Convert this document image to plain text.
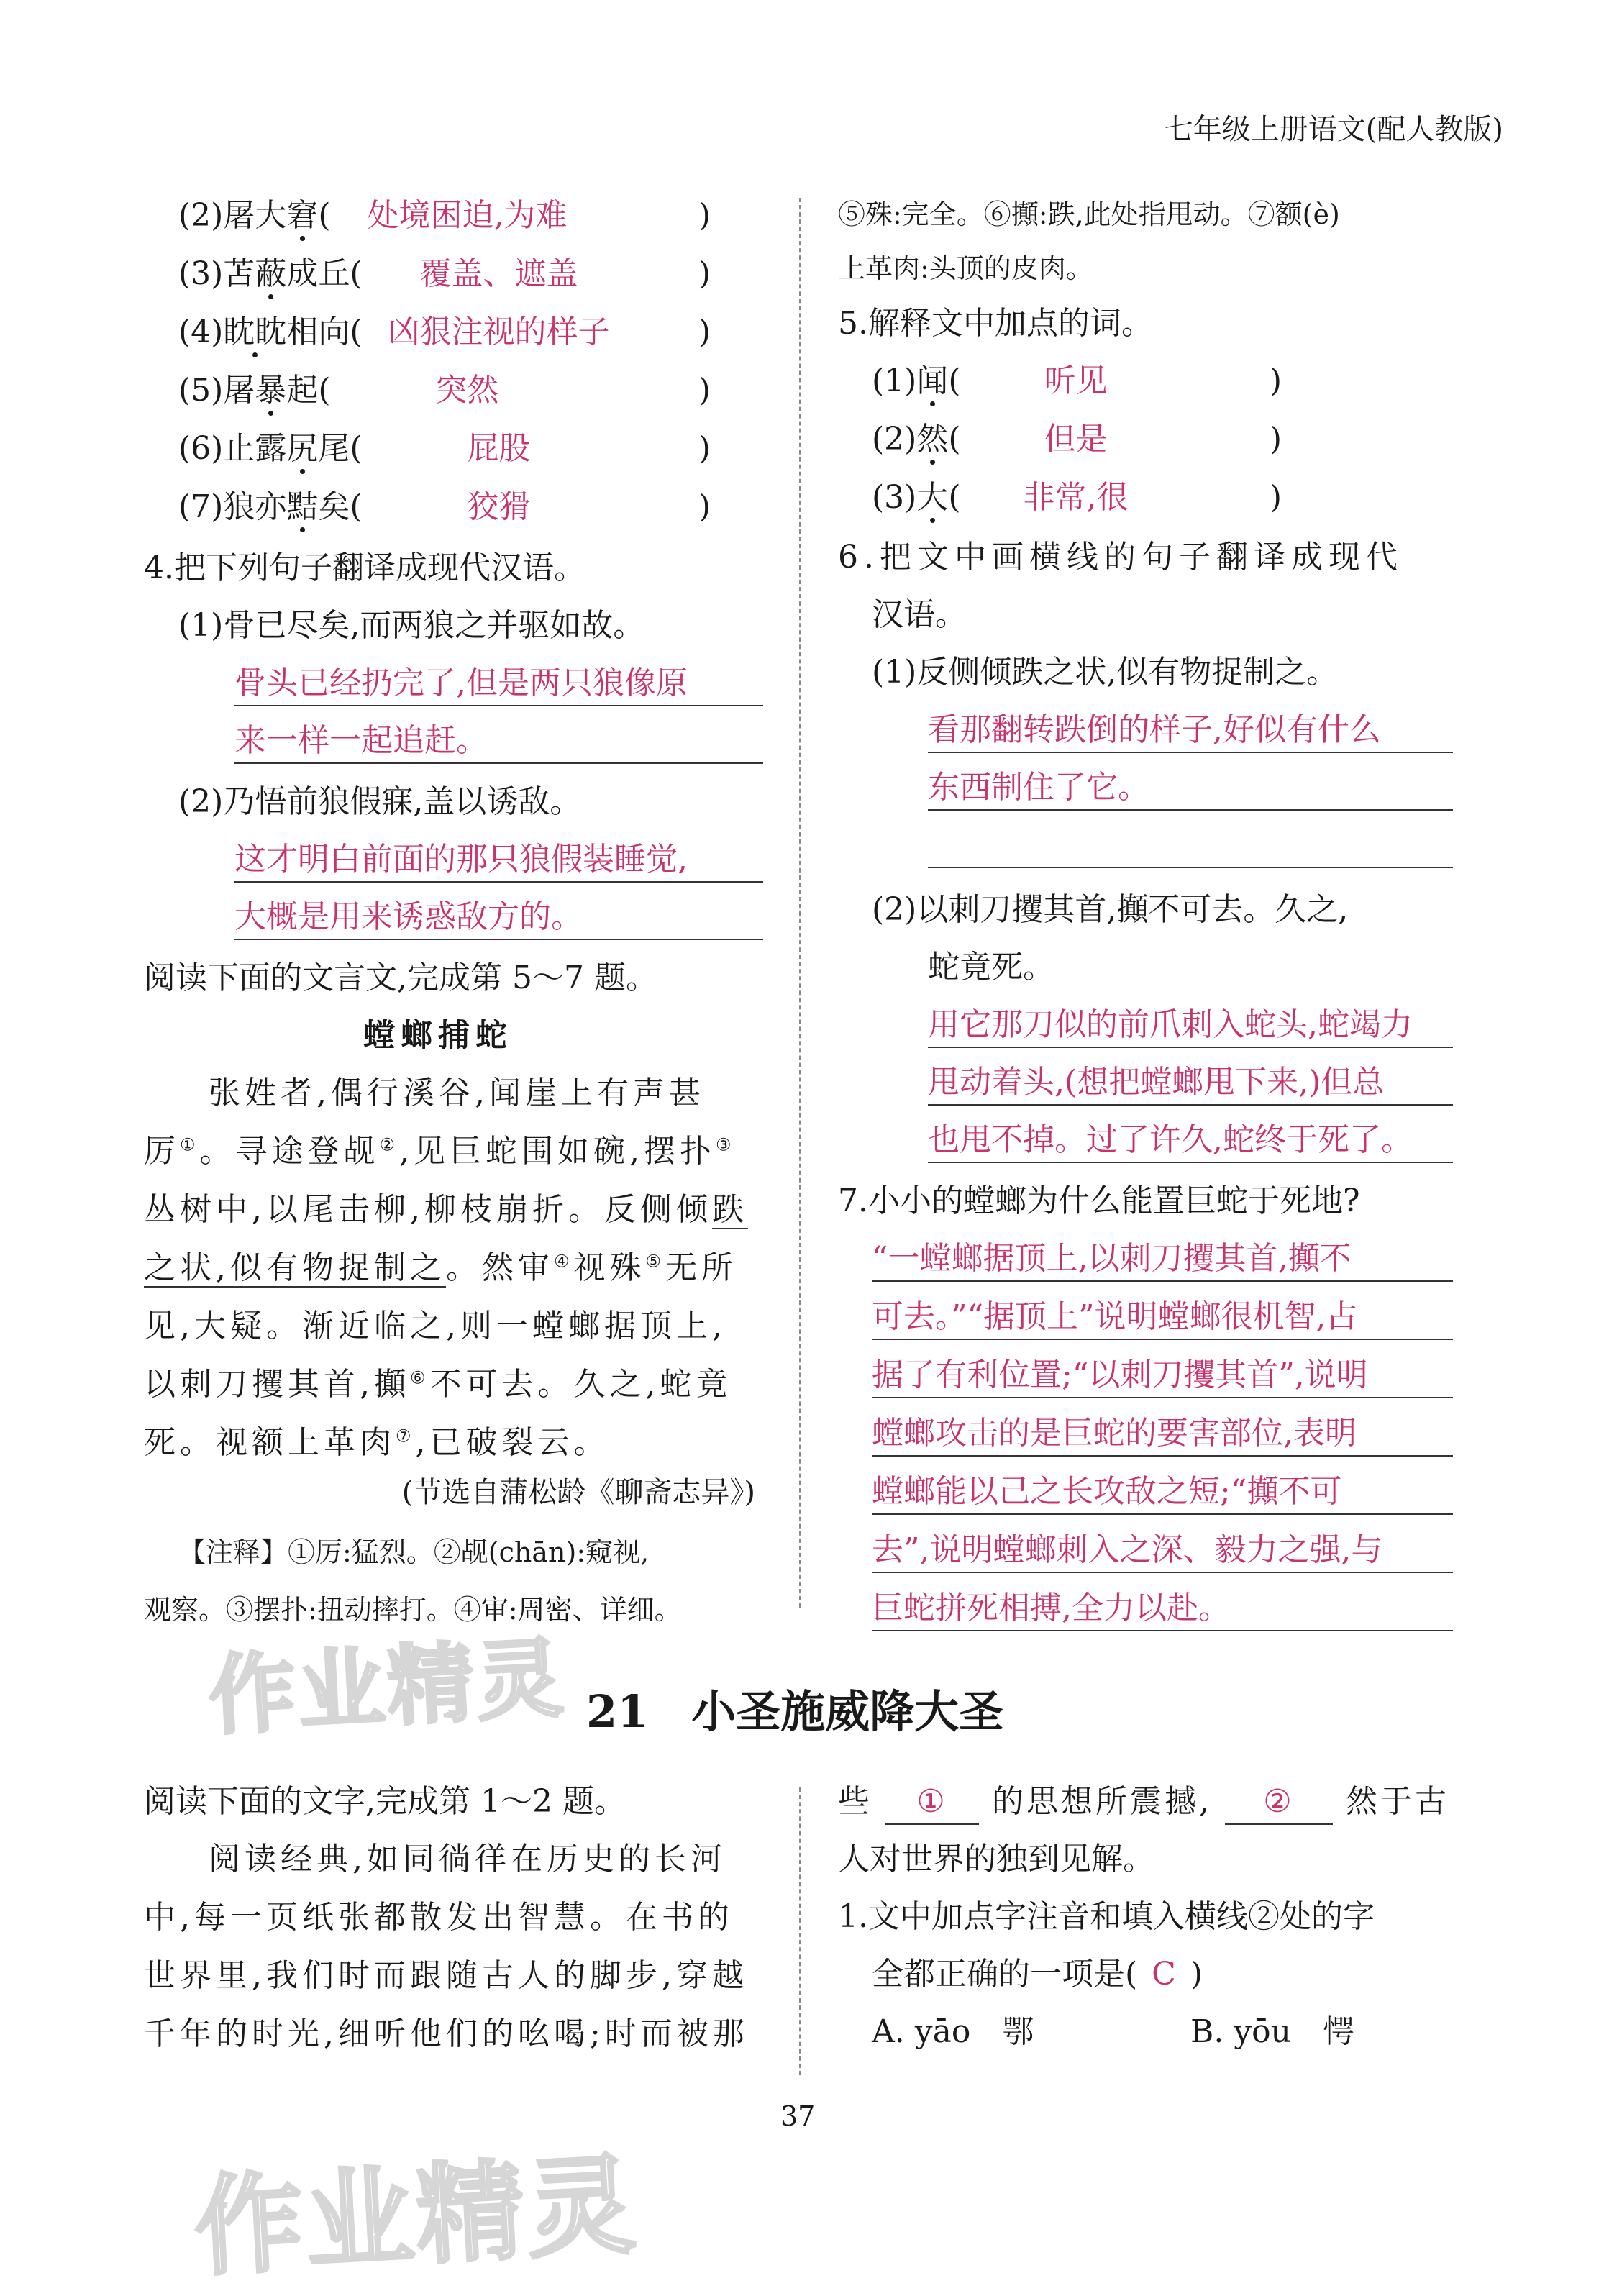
七年级上册语文(配人教版)
(2)屠大窘( 处境困迫,为难	)
(3)苫蔽成丘( 覆盖、遮盖	)
(4)眈眈相向( 凶狠注视的样子	)
(5)屠暴起(	突然	)
(6)止露尻尾(	屁股	)
(7)狼亦黠矣(	狡猾	)
4.把下列句子翻译成现代汉语。
(1)骨已尽矣,而两狼之并驱如故。
骨头已经扔完了,但是两只狼像原
来一样一起追赶。
(2)乃悟前狼假寐,盖以诱敌。
这才明白前面的那只狼假装睡觉,
大概是用来诱惑敌方的。
阅读下面的文言文,完成第 5～7 题。
螳螂捕蛇
张姓者,偶行溪谷,闻崖上有声甚
厉①。寻途登觇②,见巨蛇围如碗,摆扑③
丛树中,以尾击柳,柳枝崩折。反侧倾跌
之状,似有物捉制之。然审④视殊⑤无所
见,大疑。渐近临之,则一螳螂据顶上,
以刺刀攫其首,攧⑥不可去。久之,蛇竟
死。视额上革肉⑦,已破裂云。
(节选自蒲松龄《聊斋志异》)
【注释】①厉:猛烈。②觇(chān):窥视,
观察。③摆扑:扭动摔打。④审:周密、详细。
⑤殊:完全。⑥攧:跌,此处指甩动。⑦额(è)
上革肉:头顶的皮肉。
5.解释文中加点的词。
(1)闻(	听见	)
(2)然(	但是	)
(3)大( 非常,很	)
6.把文中画横线的句子翻译成现代
汉语。
(1)反侧倾跌之状,似有物捉制之。
看那翻转跌倒的样子,好似有什么
东西制住了它。
(2)以刺刀攫其首,攧不可去。久之,
蛇竟死。
用它那刀似的前爪刺入蛇头,蛇竭力
甩动着头,(想把螳螂甩下来,)但总
也甩不掉。过了许久,蛇终于死了。
7.小小的螳螂为什么能置巨蛇于死地?
“一螳螂据顶上,以刺刀攫其首,攧不
可去。”“据顶上”说明螳螂很机智,占
据了有利位置;“以刺刀攫其首”,说明
螳螂攻击的是巨蛇的要害部位,表明
螳螂能以己之长攻敌之短;“攧不可
去”,说明螳螂刺入之深、毅力之强,与
巨蛇拼死相搏,全力以赴。
21 小圣施威降大圣
阅读下面的文字,完成第 1～2 题。
阅读经典,如同徜徉在历史的长河
中,每一页纸张都散发出智慧。在书的
世界里,我们时而跟随古人的脚步,穿越
千年的时光,细听他们的吆喝;时而被那
些 ① 的思想所震撼, ② 然于古
人对世界的独到见解。
1.文中加点字注音和填入横线②处的字
全都正确的一项是( C )
A. yāo　鄂	B. yōu　愕
37
作业精灵
作业精灵
